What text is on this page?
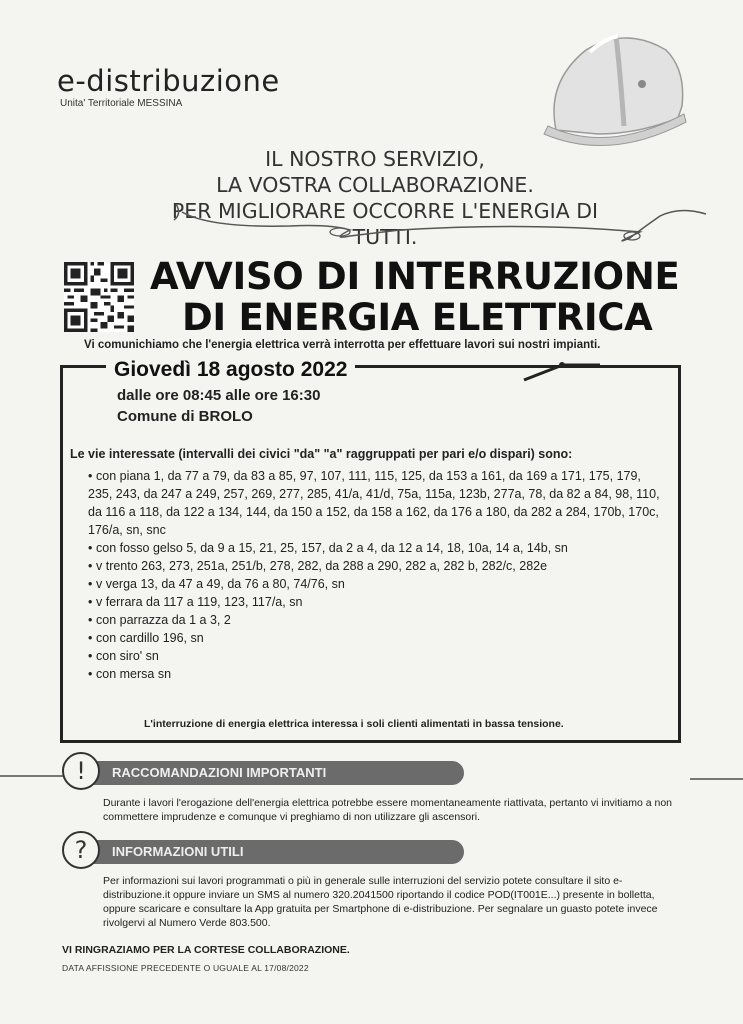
e-distribuzione
Unita' Territoriale MESSINA
IL NOSTRO SERVIZIO,
LA VOSTRA COLLABORAZIONE.
PER MIGLIORARE OCCORRE L'ENERGIA DI TUTTI.
AVVISO DI INTERRUZIONE
DI ENERGIA ELETTRICA
Vi comunichiamo che l'energia elettrica verrà interrotta per effettuare lavori sui nostri impianti.
Giovedì 18 agosto 2022
dalle ore 08:45 alle ore 16:30
Comune di BROLO
Le vie interessate (intervalli dei civici "da" "a" raggruppati per pari e/o dispari) sono:
• con piana 1, da 77 a 79, da 83 a 85, 97, 107, 111, 115, 125, da 153 a 161, da 169 a 171, 175, 179, 235, 243, da 247 a 249, 257, 269, 277, 285, 41/a, 41/d, 75a, 115a, 123b, 277a, 78, da 82 a 84, 98, 110, da 116 a 118, da 122 a 134, 144, da 150 a 152, da 158 a 162, da 176 a 180, da 282 a 284, 170b, 170c, 176/a, sn, snc
• con fosso gelso 5, da 9 a 15, 21, 25, 157, da 2 a 4, da 12 a 14, 18, 10a, 14 a, 14b, sn
• v trento 263, 273, 251a, 251/b, 278, 282, da 288 a 290, 282 a, 282 b, 282/c, 282e
• v verga 13, da 47 a 49, da 76 a 80, 74/76, sn
• v ferrara da 117 a 119, 123, 117/a, sn
• con parrazza da 1 a 3, 2
• con cardillo 196, sn
• con siro' sn
• con mersa sn
L'interruzione di energia elettrica interessa i soli clienti alimentati in bassa tensione.
RACCOMANDAZIONI IMPORTANTI
!
Durante i lavori l'erogazione dell'energia elettrica potrebbe essere momentaneamente riattivata, pertanto vi invitiamo a non commettere imprudenze e comunque vi preghiamo di non utilizzare gli ascensori.
INFORMAZIONI UTILI
?
Per informazioni sui lavori programmati o più in generale sulle interruzioni del servizio potete consultare il sito e-distribuzione.it oppure inviare un SMS al numero 320.2041500 riportando il codice POD(IT001E...) presente in bolletta, oppure scaricare e consultare la App gratuita per Smartphone di e-distribuzione. Per segnalare un guasto potete invece rivolgervi al Numero Verde 803.500.
VI RINGRAZIAMO PER LA CORTESE COLLABORAZIONE.
DATA AFFISSIONE PRECEDENTE O UGUALE AL 17/08/2022
